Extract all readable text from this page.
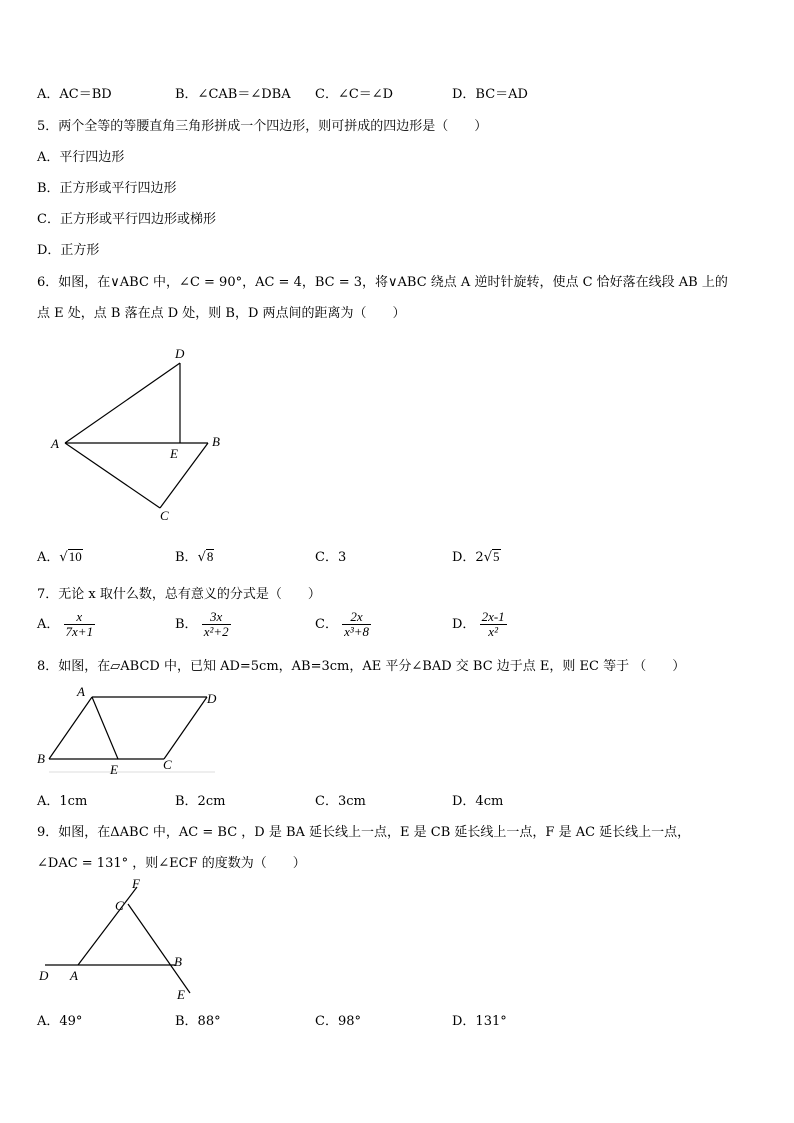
A．AC＝BD	B．∠CAB＝∠DBA C．∠C＝∠D	D．BC＝AD
5．两个全等的等腰直角三角形拼成一个四边形，则可拼成的四边形是（　　）
A．平行四边形
B．正方形或平行四边形
C．正方形或平行四边形或梯形
D．正方形
6．如图，在∨ABC 中，∠C = 90°，AC = 4，BC = 3，将∨ABC 绕点 A 逆时针旋转，使点 C 恰好落在线段 AB 上的
点 E 处，点 B 落在点 D 处，则 B，D 两点间的距离为（　　）
D
A
E
B
C
A．√10	B．√8	C．3	D．2√5
7．无论 x 取什么数，总有意义的分式是（　　）
A． $\frac{x}{7x+1}$	B． $\frac{3x}{\text{x²+2}}$	C． $\frac{2x}{\text{x³+8}}$	D． $\frac{2x-1}{\text{x²}}$
8．如图，在▱ABCD 中，已知 AD=5cm，AB=3cm，AE 平分∠BAD 交 BC 边于点 E，则 EC 等于 （　　）
A	D
B
E	C
A．1cm	B．2cm	C．3cm	D．4cm
9．如图，在ΔABC 中，AC = BC ，D 是 BA 延长线上一点，E 是 CB 延长线上一点，F 是 AC 延长线上一点，
∠DAC = 131° ，则∠ECF 的度数为（　　）
F
C
D A
B
E
A．49°	B．88°	C．98°	D．131°
